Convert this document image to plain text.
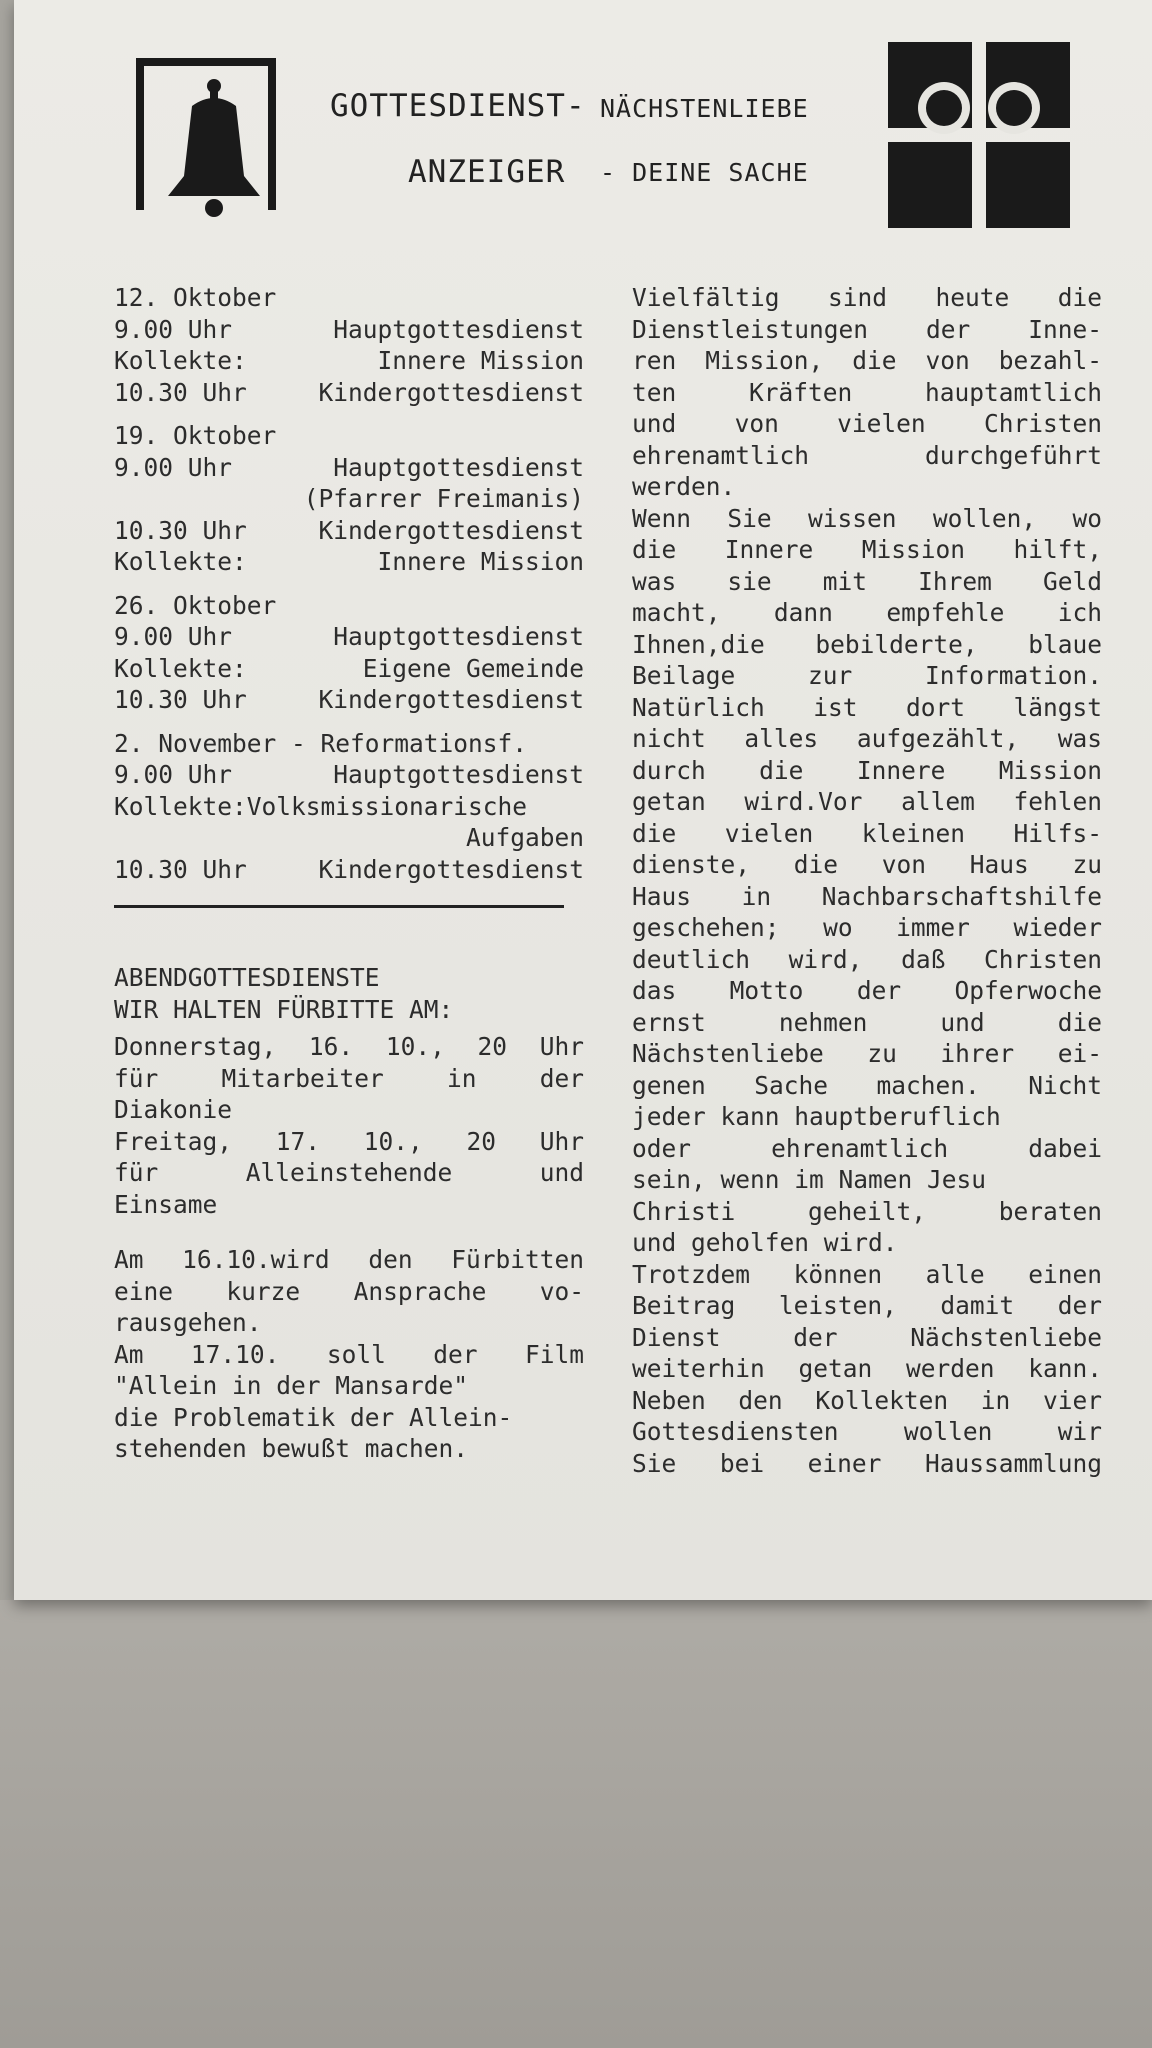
GOTTESDIENST- NÄCHSTENLIEBE
ANZEIGER - DEINE SACHE
12. Oktober
9.00 Uhr	Hauptgottesdienst
Kollekte:	Innere Mission
10.30 Uhr	Kindergottesdienst
19. Oktober
9.00 Uhr	Hauptgottesdienst
(Pfarrer Freimanis)
10.30 Uhr	Kindergottesdienst
Kollekte:	Innere Mission
26. Oktober
9.00 Uhr	Hauptgottesdienst
Kollekte:	Eigene Gemeinde
10.30 Uhr	Kindergottesdienst
2. November - Reformationsf.
9.00 Uhr	Hauptgottesdienst
Kollekte:Volksmissionarische
Aufgaben
10.30 Uhr	Kindergottesdienst
ABENDGOTTESDIENSTE
WIR HALTEN FÜRBITTE AM:
Donnerstag, 16. 10., 20 Uhr
für Mitarbeiter in der
Diakonie
Freitag, 17. 10., 20 Uhr
für Alleinstehende und
Einsame
Am 16.10.wird den Fürbitten
eine kurze Ansprache vo-
rausgehen.
Am 17.10. soll der Film
"Allein in der Mansarde"
die Problematik der Allein-
stehenden bewußt machen.
Vielfältig sind heute die
Dienstleistungen der Inne-
ren Mission, die von bezahl-
ten Kräften hauptamtlich
und von vielen Christen
ehrenamtlich durchgeführt
werden.
Wenn Sie wissen wollen, wo
die Innere Mission hilft,
was sie mit Ihrem Geld
macht, dann empfehle ich
Ihnen,die bebilderte, blaue
Beilage zur Information.
Natürlich ist dort längst
nicht alles aufgezählt, was
durch die Innere Mission
getan wird.Vor allem fehlen
die vielen kleinen Hilfs-
dienste, die von Haus zu
Haus in Nachbarschaftshilfe
geschehen; wo immer wieder
deutlich wird, daß Christen
das Motto der Opferwoche
ernst nehmen und die
Nächstenliebe zu ihrer ei-
genen Sache machen. Nicht
jeder kann hauptberuflich
oder ehrenamtlich dabei
sein, wenn im Namen Jesu
Christi geheilt, beraten
und geholfen wird.
Trotzdem können alle einen
Beitrag leisten, damit der
Dienst der Nächstenliebe
weiterhin getan werden kann.
Neben den Kollekten in vier
Gottesdiensten wollen wir
Sie bei einer Haussammlung
